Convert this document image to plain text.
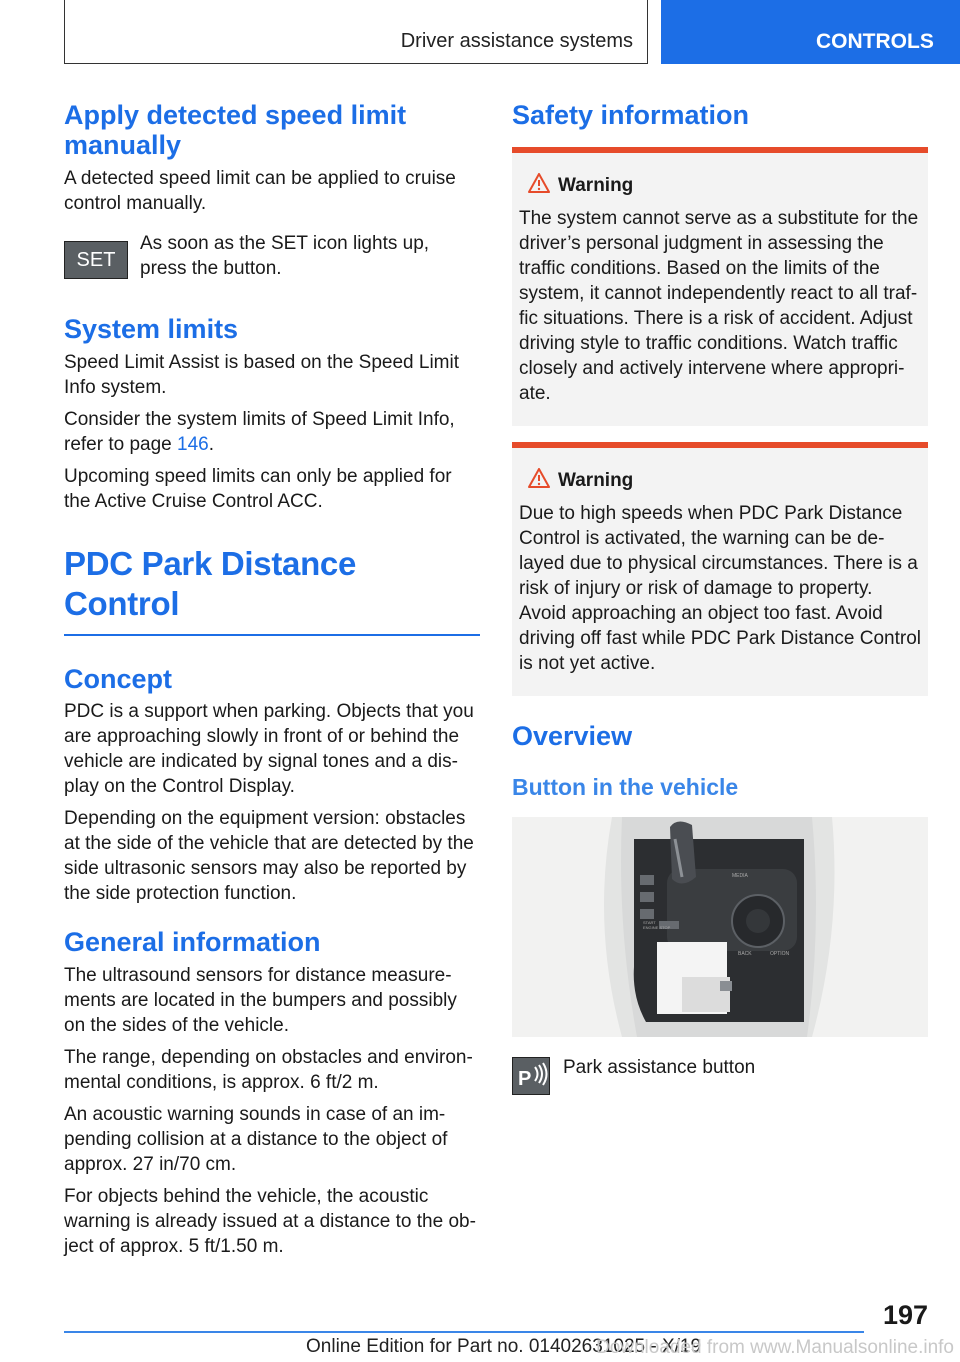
Driver assistance systems	CONTROLS
Apply detected speed limit manually

A detected speed limit can be applied to cruise control manually.

SET

As soon as the SET icon lights up, press the button.

System limits

Speed Limit Assist is based on the Speed Limit Info system.

Consider the system limits of Speed Limit Info, refer to page 146.

Upcoming speed limits can only be applied for the Active Cruise Control ACC.

PDC Park Distance Control
Concept

PDC is a support when parking. Objects that you are approaching slowly in front of or behind the vehicle are indicated by signal tones and a dis‐play on the Control Display.

Depending on the equipment version: obstacles at the side of the vehicle that are detected by the side ultrasonic sensors may also be reported by the side protection function.

General information

The ultrasound sensors for distance measure‐ments are located in the bumpers and possibly on the sides of the vehicle.

The range, depending on obstacles and environ‐mental conditions, is approx. 6 ft/2 m.

An acoustic warning sounds in case of an im‐pending collision at a distance to the object of approx. 27 in/70 cm.

For objects behind the vehicle, the acoustic warning is already issued at a distance to the ob‐ject of approx. 5 ft/1.50 m.

Safety information
Warning

The system cannot serve as a substitute for the driver’s personal judgment in assessing the traffic conditions. Based on the limits of the system, it cannot independently react to all traf‐fic situations. There is a risk of accident. Adjust driving style to traffic conditions. Watch traffic closely and actively intervene where appropri‐ate.

Warning

Due to high speeds when PDC Park Distance Control is activated, the warning can be de‐layed due to physical circumstances. There is a risk of injury or risk of damage to property. Avoid approaching an object too fast. Avoid driving off fast while PDC Park Distance Control is not yet active.

Overview
Button in the vehicle
MEDIA
START ENGINE STOP
BACK	OPTION
P

Park assistance button

197
Online Edition for Part no. 01402631025 - X/19
Downloaded from www.Manualsonline.info
